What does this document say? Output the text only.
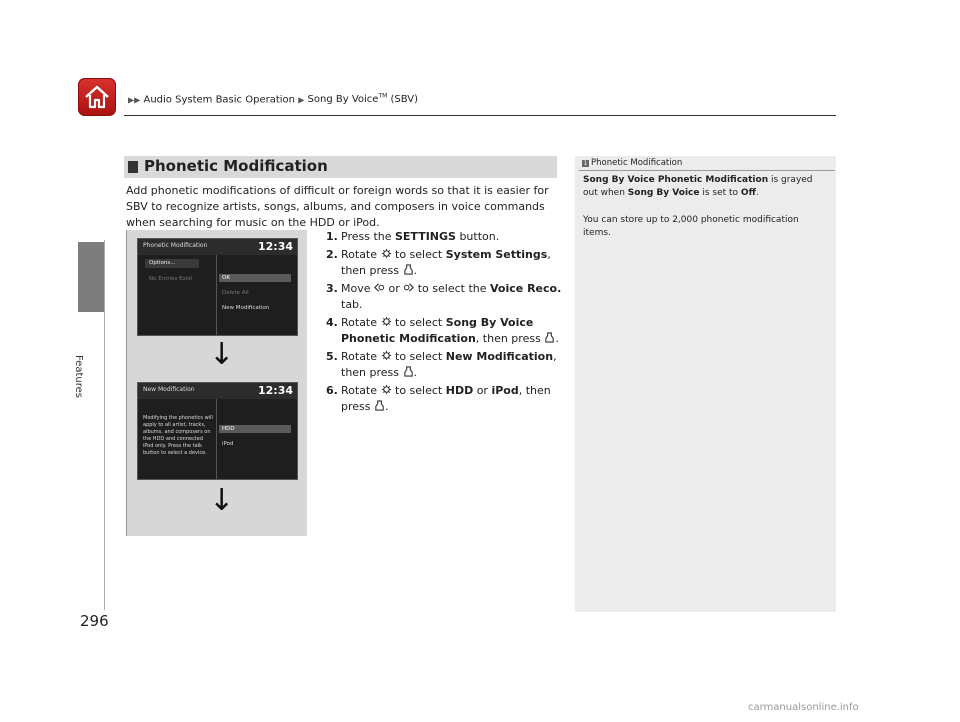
▶▶ Audio System Basic Operation ▶ Song By Voice™ (SBV)
Features
296
Phonetic Modification
Add phonetic modifications of difficult or foreign words so that it is easier for SBV to recognize artists, songs, albums, and composers in voice commands when searching for music on the HDD or iPod.
Phonetic Modification	12:34
Options...
No Entries Exist	OK
Delete All
New Modification
↓
New Modification	12:34
Modifying the phonetics will apply to all artist, tracks, albums, and composers on the HDD and connected iPod only. Press the talk button to select a device.
HDD
iPod
↓
1. Press the SETTINGS button.
2. Rotate  to select System Settings, then press .
3. Move  or  to select the Voice Reco. tab.
4. Rotate  to select Song By Voice Phonetic Modification, then press .
5. Rotate  to select New Modification, then press .
6. Rotate  to select HDD or iPod, then press .
1 Phonetic Modification
Song By Voice Phonetic Modification is grayed out when Song By Voice is set to Off.
You can store up to 2,000 phonetic modification items.
carmanualsonline.info
